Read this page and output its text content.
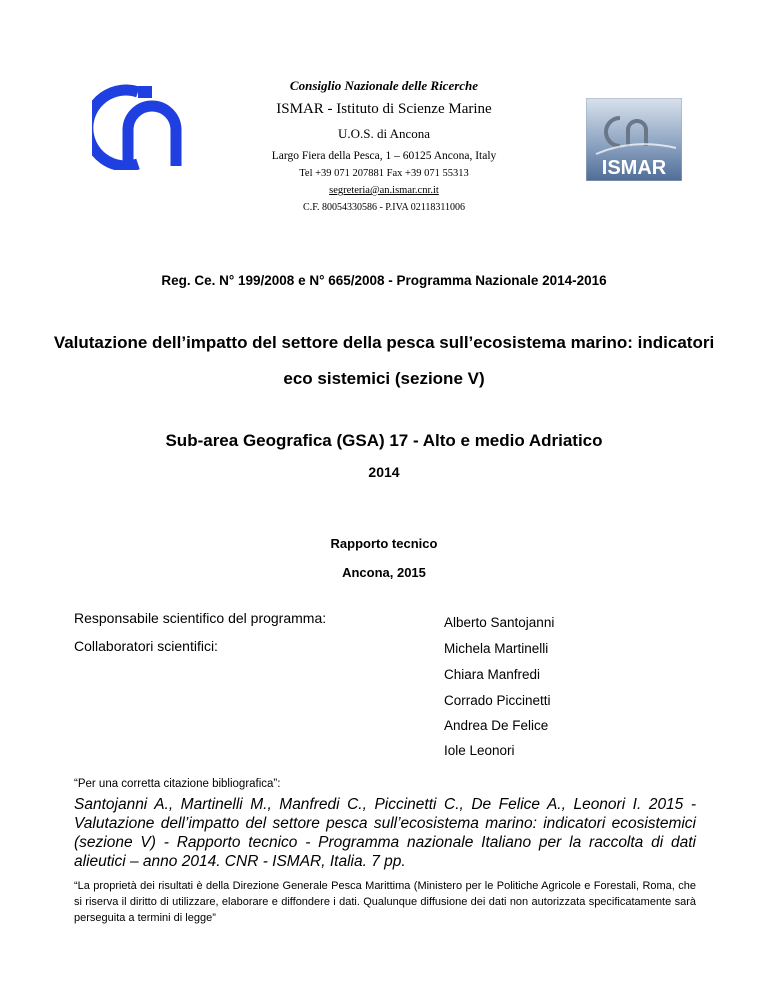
ISMAR
Consiglio Nazionale delle Ricerche
ISMAR - Istituto di Scienze Marine
U.O.S. di Ancona
Largo Fiera della Pesca, 1 – 60125 Ancona, Italy
Tel +39 071 207881 Fax +39 071 55313
segreteria@an.ismar.cnr.it
C.F. 80054330586 - P.IVA 02118311006
Reg. Ce. N° 199/2008 e N° 665/2008 - Programma Nazionale 2014-2016
Valutazione dell’impatto del settore della pesca sull’ecosistema marino: indicatori
eco sistemici (sezione V)
Sub-area Geografica (GSA) 17 - Alto e medio Adriatico
2014
Rapporto tecnico
Ancona, 2015
Responsabile scientifico del programma:
Collaboratori scientifici:
Alberto Santojanni
Michela Martinelli
Chiara Manfredi
Corrado Piccinetti
Andrea De Felice
Iole Leonori
“Per una corretta citazione bibliografica”:
Santojanni A., Martinelli M., Manfredi C., Piccinetti C., De Felice A., Leonori I. 2015 - Valutazione dell’impatto del settore pesca sull’ecosistema marino: indicatori ecosistemici (sezione V) - Rapporto tecnico - Programma nazionale Italiano per la raccolta di dati alieutici – anno 2014. CNR - ISMAR, Italia. 7 pp.
“La proprietà dei risultati è della Direzione Generale Pesca Marittima (Ministero per le Politiche Agricole e Forestali, Roma, che si riserva il diritto di utilizzare, elaborare e diffondere i dati. Qualunque diffusione dei dati non autorizzata specificatamente sarà perseguita a termini di legge”
